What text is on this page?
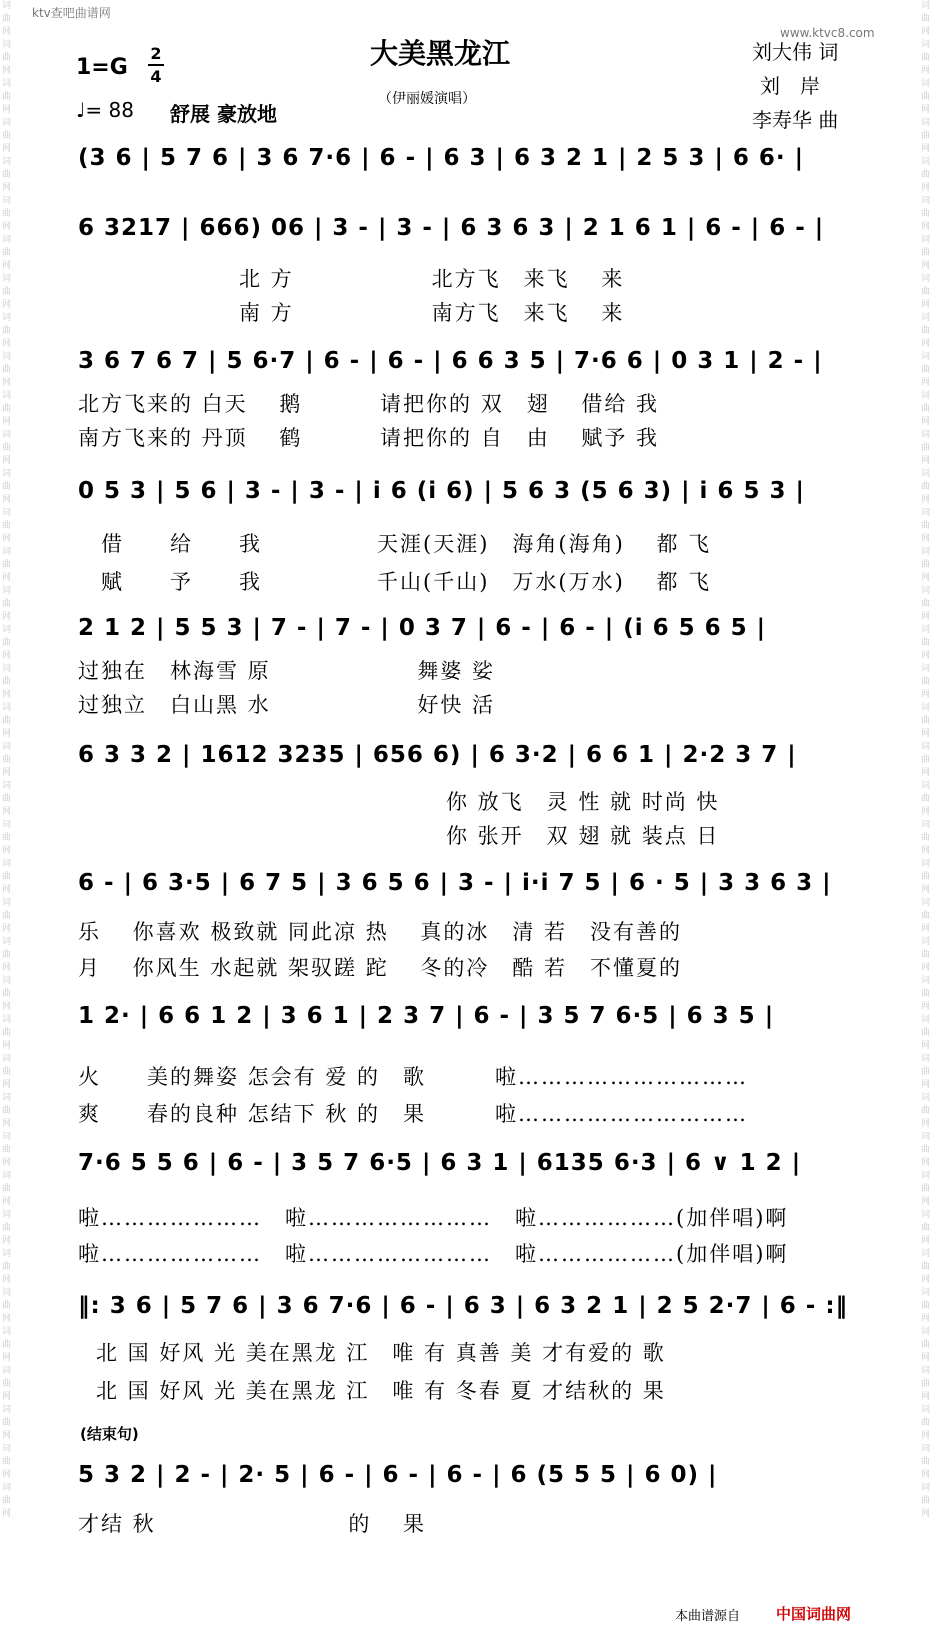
词曲网词曲网词曲网词曲网词曲网词曲网词曲网词曲网词曲网词曲网词曲网词曲网词曲网词曲网词曲网词曲网词曲网词曲网词曲网词曲网词曲网词曲网词曲网词曲网词曲网词曲网词曲网词曲网词曲网词曲网词曲网词曲网词曲网词曲网词曲网词曲网词曲网词曲网词曲网
词曲网词曲网词曲网词曲网词曲网词曲网词曲网词曲网词曲网词曲网词曲网词曲网词曲网词曲网词曲网词曲网词曲网词曲网词曲网词曲网词曲网词曲网词曲网词曲网词曲网词曲网词曲网词曲网词曲网词曲网词曲网词曲网词曲网词曲网词曲网词曲网词曲网词曲网词曲网
ktv查吧曲谱网
www.ktvc8.com
大美黑龙江
1=G
2
4
（伊丽媛演唱）
♩= 88 舒展 豪放地
刘大伟 词
刘　岸
李寿华 曲
(3 6 | 5 7 6 | 3 6 7·6 | 6 - | 6 3 | 6 3 2 1 | 2 5 3 | 6 6· |
6 3217 | 666) 06 | 3 - | 3 - | 6 3 6 3 | 2 1 6 1 | 6 - | 6 - |
　　　　　　　北 方　　　　　　北方飞　来飞　 来
　　　　　　　南 方　　　　　　南方飞　来飞　 来
3 6 7 6 7 | 5 6·7 | 6 - | 6 - | 6 6 3 5 | 7·6 6 | 0 3 1 | 2 - |
北方飞来的 白天　 鹅　　　 请把你的 双　翅　 借给 我
南方飞来的 丹顶　 鹤　　　 请把你的 自　由　 赋予 我
0 5 3 | 5 6 | 3 - | 3 - | i 6 (i 6) | 5 6 3 (5 6 3) | i 6 5 3 |
　借　　给　　我　　　　　天涯(天涯)　海角(海角)　 都 飞
　赋　　予　　我　　　　　千山(千山)　万水(万水)　 都 飞
2 1 2 | 5 5 3 | 7 - | 7 - | 0 3 7 | 6 - | 6 - | (i 6 5 6 5 |
过独在　林海雪 原　　　　　　 舞婆 娑
过独立　白山黑 水　　　　　　 好快 活
6 3 3 2 | 1612 3235 | 656 6) | 6 3·2 | 6 6 1 | 2·2 3 7 |
　　　　　　　　　　　　　　　　你 放飞　灵 性 就 时尚 快
　　　　　　　　　　　　　　　　你 张开　双 翅 就 装点 日
6 - | 6 3·5 | 6 7 5 | 3 6 5 6 | 3 - | i·i 7 5 | 6 · 5 | 3 3 6 3 |
乐　 你喜欢 极致就 同此凉 热　 真的冰　清 若　没有善的
月　 你风生 水起就 架驭蹉 跎　 冬的冷　酷 若　不懂夏的
1 2· | 6 6 1 2 | 3 6 1 | 2 3 7 | 6 - | 3 5 7 6·5 | 6 3 5 |
火　　美的舞姿 怎会有 爱 的　歌　　　啦…………………………
爽　　春的良种 怎结下 秋 的　果　　　啦…………………………
7·6 5 5 6 | 6 - | 3 5 7 6·5 | 6 3 1 | 6135 6·3 | 6 ∨ 1 2 |
啦…………………　啦……………………　啦………………(加伴唱)啊
啦…………………　啦……………………　啦………………(加伴唱)啊
‖: 3 6 | 5 7 6 | 3 6 7·6 | 6 - | 6 3 | 6 3 2 1 | 2 5 2·7 | 6 - :‖
北 国 好风 光 美在黑龙 江　唯 有 真善 美 才有爱的 歌
北 国 好风 光 美在黑龙 江　唯 有 冬春 夏 才结秋的 果
(结束句)
5 3 2 | 2 - | 2· 5 | 6 - | 6 - | 6 - | 6 (5 5 5 | 6 0) |
才结 秋　　　　　　　　 的　 果
本曲谱源自 中国词曲网
